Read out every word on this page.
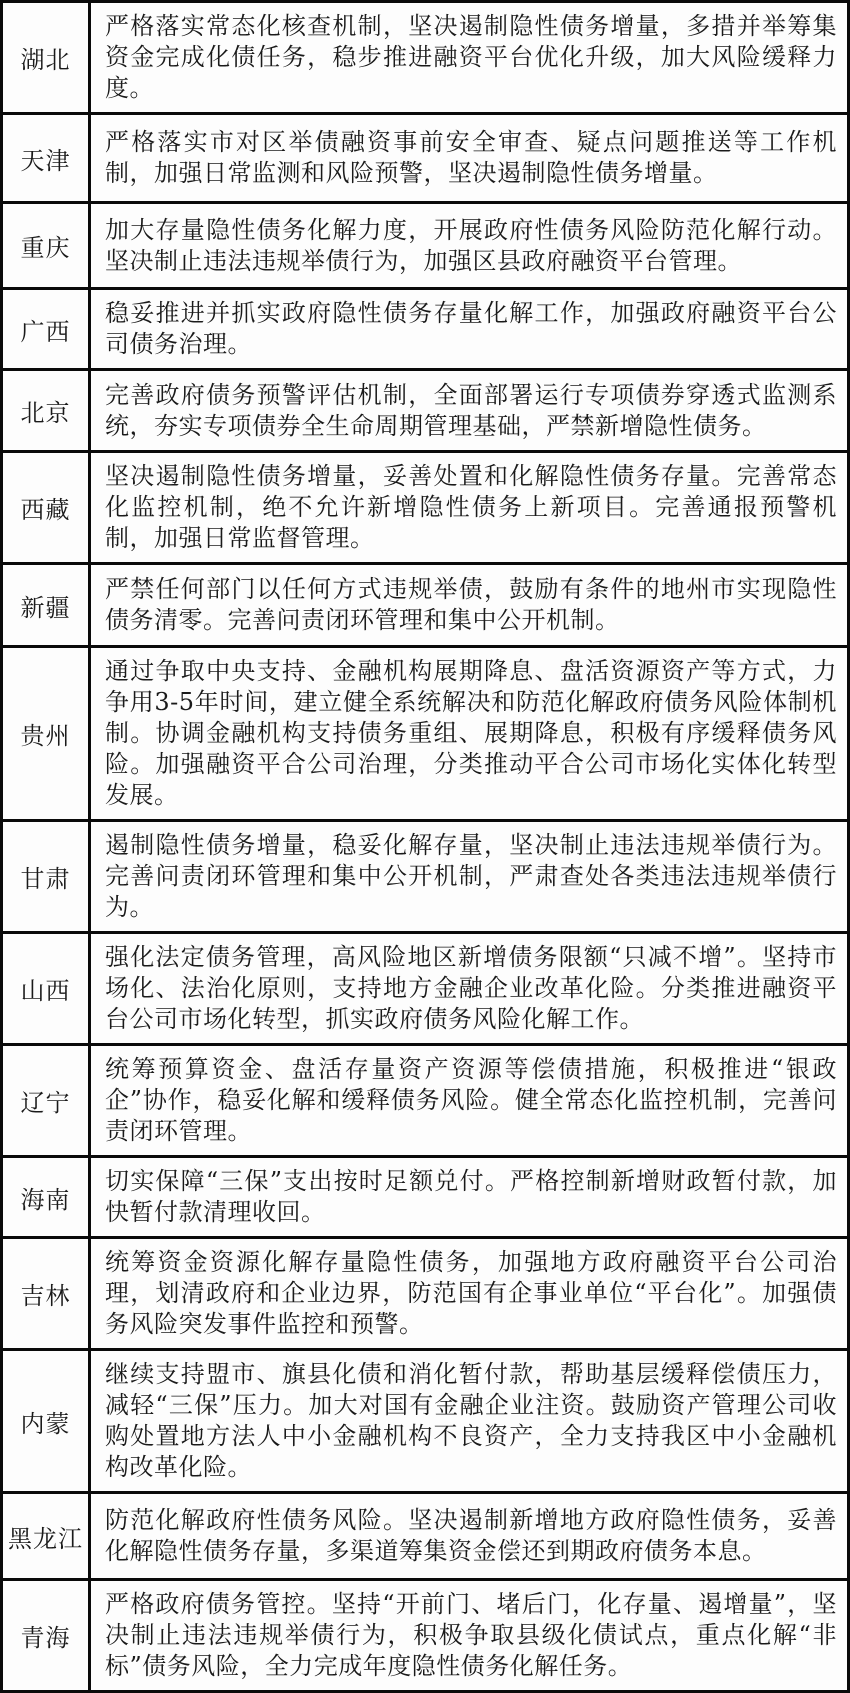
湖北
严格落实常态化核查机制，坚决遏制隐性债务增量，多措并举筹集资金完成化债任务，稳步推进融资平台优化升级，加大风险缓释力度。
天津
严格落实市对区举债融资事前安全审查、疑点问题推送等工作机制，加强日常监测和风险预警，坚决遏制隐性债务增量。
重庆
加大存量隐性债务化解力度，开展政府性债务风险防范化解行动。坚决制止违法违规举债行为，加强区县政府融资平台管理。
广西
稳妥推进并抓实政府隐性债务存量化解工作，加强政府融资平台公司债务治理。
北京
完善政府债务预警评估机制，全面部署运行专项债券穿透式监测系统，夯实专项债券全生命周期管理基础，严禁新增隐性债务。
西藏
坚决遏制隐性债务增量，妥善处置和化解隐性债务存量。完善常态化监控机制，绝不允许新增隐性债务上新项目。完善通报预警机制，加强日常监督管理。
新疆
严禁任何部门以任何方式违规举债，鼓励有条件的地州市实现隐性债务清零。完善问责闭环管理和集中公开机制。
贵州
通过争取中央支持、金融机构展期降息、盘活资源资产等方式，力争用3-5年时间，建立健全系统解决和防范化解政府债务风险体制机制。协调金融机构支持债务重组、展期降息，积极有序缓释债务风险。加强融资平合公司治理，分类推动平合公司市场化实体化转型发展。
甘肃
遏制隐性债务增量，稳妥化解存量，坚决制止违法违规举债行为。完善问责闭环管理和集中公开机制，严肃查处各类违法违规举债行为。
山西
强化法定债务管理，高风险地区新增债务限额“只减不增”。坚持市场化、法治化原则，支持地方金融企业改革化险。分类推进融资平台公司市场化转型，抓实政府债务风险化解工作。
辽宁
统筹预算资金、盘活存量资产资源等偿债措施，积极推进“银政企”协作，稳妥化解和缓释债务风险。健全常态化监控机制，完善问责闭环管理。
海南
切实保障“三保”支出按时足额兑付。严格控制新增财政暂付款，加快暂付款清理收回。
吉林
统筹资金资源化解存量隐性债务，加强地方政府融资平台公司治理，划清政府和企业边界，防范国有企事业单位“平台化”。加强债务风险突发事件监控和预警。
内蒙
继续支持盟市、旗县化债和消化暂付款，帮助基层缓释偿债压力，减轻“三保”压力。加大对国有金融企业注资。鼓励资产管理公司收购处置地方法人中小金融机构不良资产，全力支持我区中小金融机构改革化险。
黑龙江
防范化解政府性债务风险。坚决遏制新增地方政府隐性债务，妥善化解隐性债务存量，多渠道筹集资金偿还到期政府债务本息。
青海
严格政府债务管控。坚持“开前门、堵后门，化存量、遏增量”，坚决制止违法违规举债行为，积极争取县级化债试点，重点化解“非标”债务风险，全力完成年度隐性债务化解任务。
